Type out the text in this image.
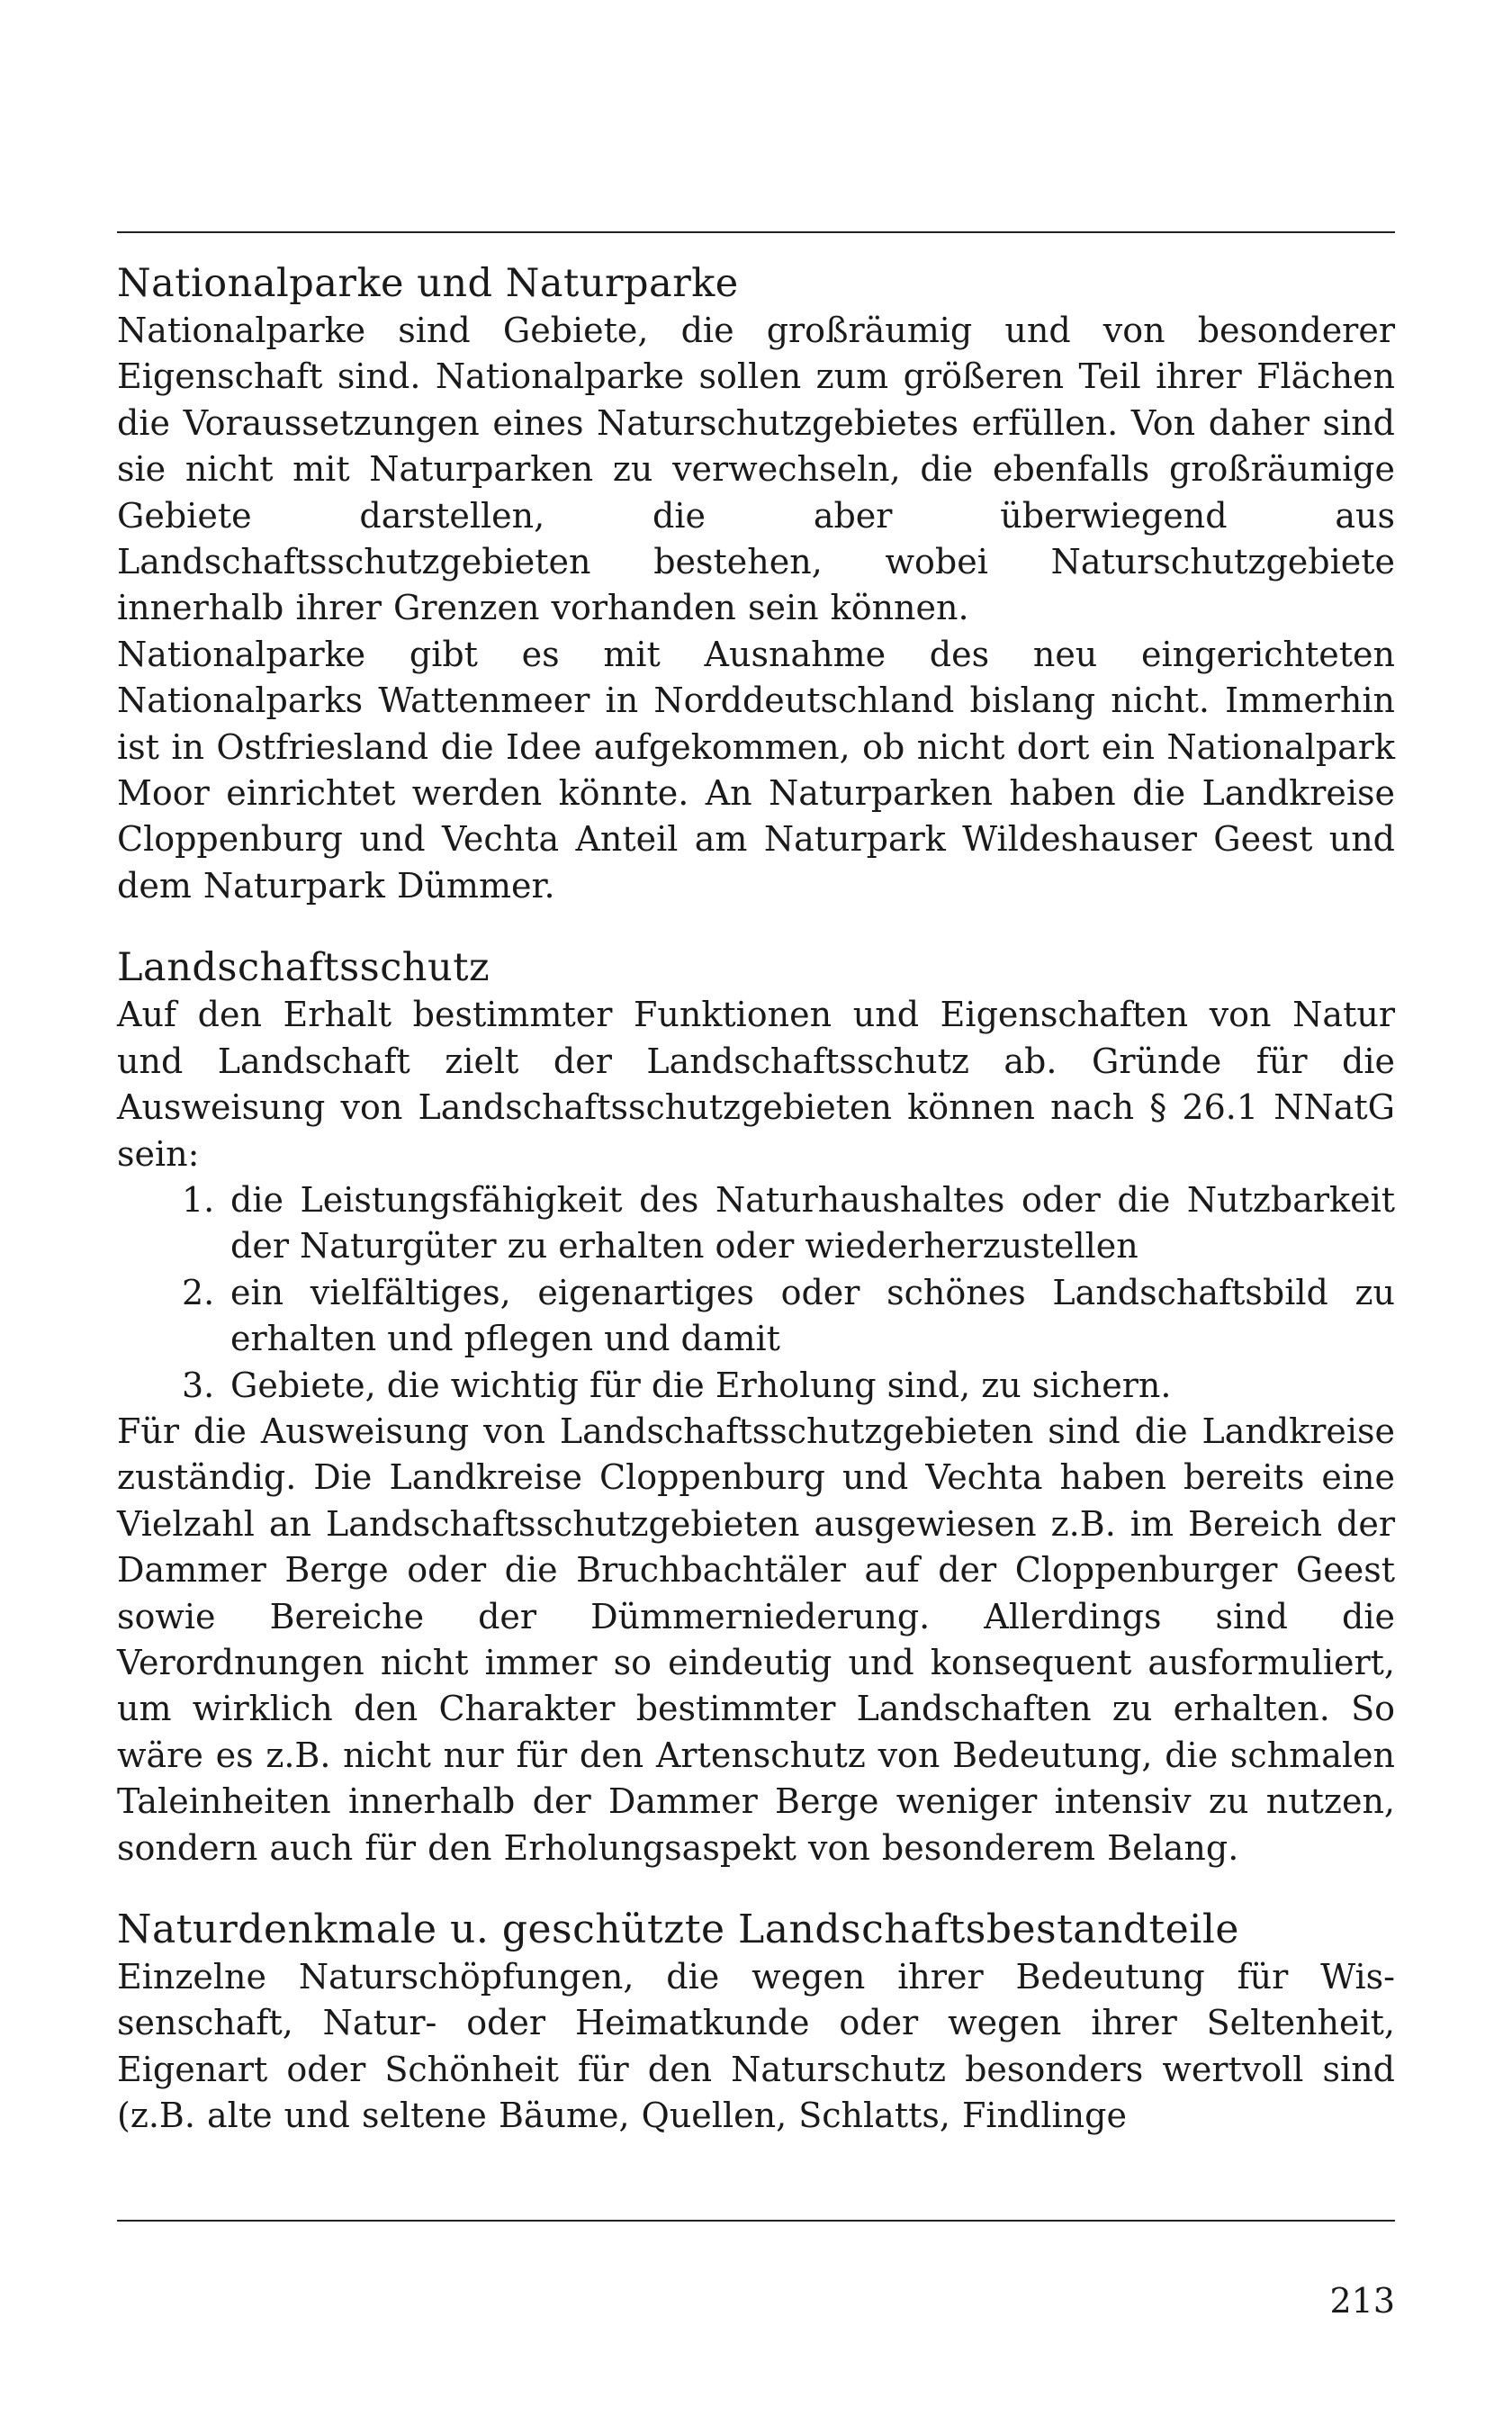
Nationalparke und Naturparke

Nationalparke sind Gebiete, die großräumig und von besonderer Eigenschaft sind. Nationalparke sollen zum größeren Teil ihrer Flächen die Voraussetzungen eines Naturschutzgebietes erfüllen. Von daher sind sie nicht mit Naturparken zu verwechseln, die ebenfalls großräumige Gebiete darstellen, die aber überwiegend aus Landschaftsschutzgebieten bestehen, wobei Naturschutzgebiete innerhalb ihrer Grenzen vorhanden sein können.

Nationalparke gibt es mit Ausnahme des neu eingerichteten Nationalparks Wattenmeer in Norddeutschland bislang nicht. Immerhin ist in Ostfriesland die Idee aufgekommen, ob nicht dort ein Nationalpark Moor einrichtet werden könnte. An Naturparken haben die Landkreise Cloppenburg und Vechta Anteil am Naturpark Wildeshauser Geest und dem Naturpark Dümmer.

Landschaftsschutz

Auf den Erhalt bestimmter Funktionen und Eigenschaften von Natur und Landschaft zielt der Landschaftsschutz ab. Gründe für die Ausweisung von Landschaftsschutzgebieten können nach § 26.1 NNatG sein:

1. die Leistungsfähigkeit des Naturhaushaltes oder die Nutzbarkeit der Naturgüter zu erhalten oder wiederherzustellen
2. ein vielfältiges, eigenartiges oder schönes Landschaftsbild zu erhalten und pflegen und damit
3. Gebiete, die wichtig für die Erholung sind, zu sichern.

Für die Ausweisung von Landschaftsschutzgebieten sind die Landkreise zuständig. Die Landkreise Cloppenburg und Vechta haben bereits eine Vielzahl an Landschaftsschutzgebieten ausgewiesen z.B. im Bereich der Dammer Berge oder die Bruchbachtäler auf der Cloppenburger Geest sowie Bereiche der Dümmerniederung. Allerdings sind die Verordnungen nicht immer so eindeutig und konsequent ausformuliert, um wirklich den Charakter bestimmter Landschaften zu erhalten. So wäre es z.B. nicht nur für den Artenschutz von Bedeutung, die schmalen Taleinheiten innerhalb der Dammer Berge weniger intensiv zu nutzen, sondern auch für den Erholungsaspekt von besonderem Belang.

Naturdenkmale u. geschützte Landschaftsbestandteile

Einzelne Naturschöpfungen, die wegen ihrer Bedeutung für Wissenschaft, Natur- oder Heimatkunde oder wegen ihrer Seltenheit, Eigenart oder Schönheit für den Naturschutz besonders wertvoll sind (z.B. alte und seltene Bäume, Quellen, Schlatts, Findlinge

213
